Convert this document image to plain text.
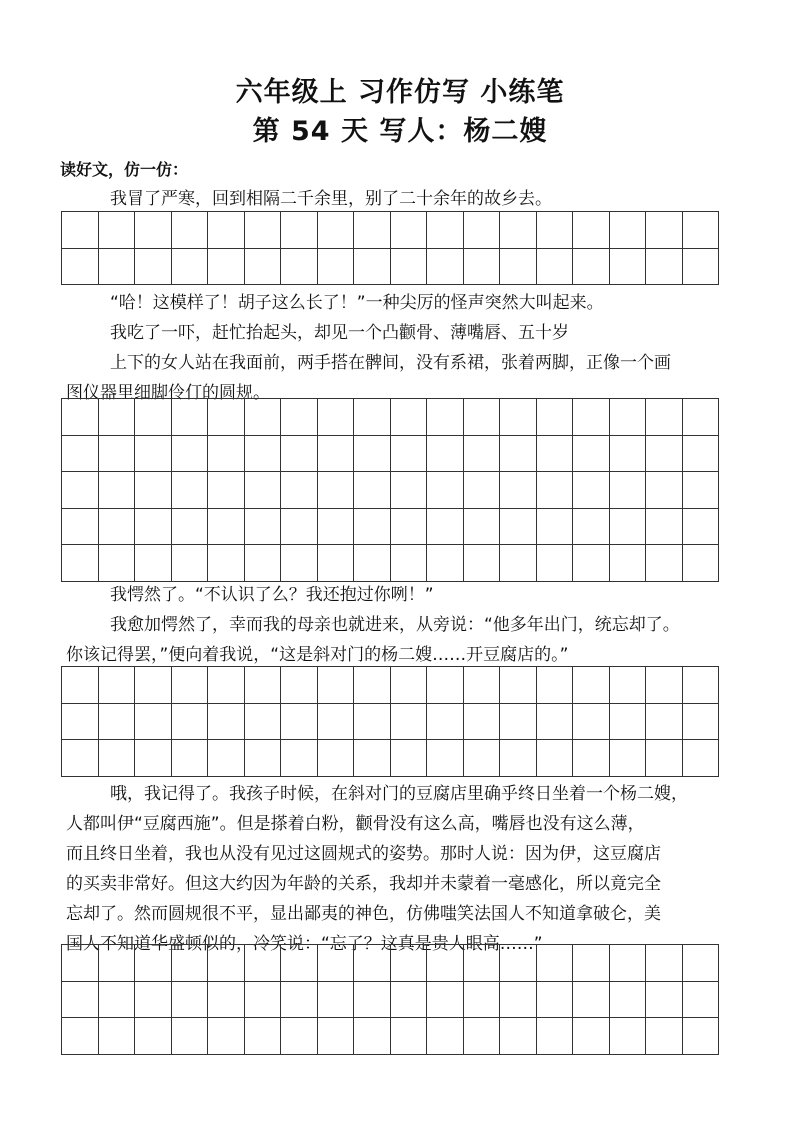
六年级上 习作仿写 小练笔
第 54 天 写人：杨二嫂
读好文，仿一仿：
我冒了严寒，回到相隔二千余里，别了二十余年的故乡去。

“哈！这模样了！胡子这么长了！”一种尖厉的怪声突然大叫起来。
我吃了一吓，赶忙抬起头，却见一个凸颧骨、薄嘴唇、五十岁
上下的女人站在我面前，两手搭在髀间，没有系裙，张着两脚，正像一个画
图仪器里细脚伶仃的圆规。

我愕然了。“不认识了么？我还抱过你咧！”
我愈加愕然了，幸而我的母亲也就进来，从旁说：“他多年出门，统忘却了。
你该记得罢，”便向着我说，“这是斜对门的杨二嫂……开豆腐店的。”

哦，我记得了。我孩子时候，在斜对门的豆腐店里确乎终日坐着一个杨二嫂，
人都叫伊“豆腐西施”。但是搽着白粉，颧骨没有这么高，嘴唇也没有这么薄，
而且终日坐着，我也从没有见过这圆规式的姿势。那时人说：因为伊，这豆腐店
的买卖非常好。但这大约因为年龄的关系，我却并未蒙着一毫感化，所以竟完全
忘却了。然而圆规很不平，显出鄙夷的神色，仿佛嗤笑法国人不知道拿破仑，美
国人不知道华盛顿似的，冷笑说：“忘了？这真是贵人眼高……”
